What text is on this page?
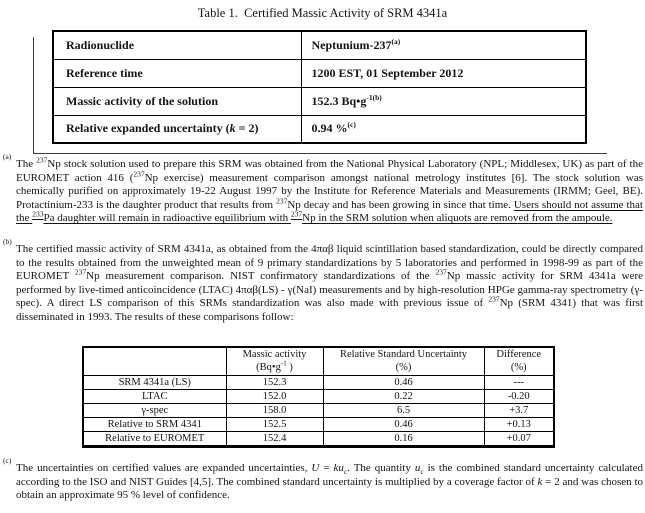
Table 1.  Certified Massic Activity of SRM 4341a
Radionuclide	Neptunium-237$^{(a)}$
Reference time	1200 EST, 01 September 2012
Massic activity of the solution	152.3 $Bq•g^{-1(b)}$
Relative expanded uncertainty (k = 2)	0.94 %$^{(c)}$
(a)
The $^{237}$Np stock solution used to prepare this SRM was obtained from the National Physical Laboratory (NPL; Middlesex, UK) as part of the EUROMET action 416 ($^{237}$Np exercise) measurement comparison amongst national metrology institutes [6]. The stock solution was chemically purified on approximately 19-22 August 1997 by the Institute for Reference Materials and Measurements (IRMM; Geel, BE). Protactinium-233 is the daughter product that results from $^{237}$Np decay and has been growing in since that time. Users should not assume that the $^{233}$Pa daughter will remain in radioactive equilibrium with $^{237}$Np in the SRM solution when aliquots are removed from the ampoule.
(b)
The certified massic activity of SRM 4341a, as obtained from the 4παβ liquid scintillation based standardization, could be directly compared to the results obtained from the unweighted mean of 9 primary standardizations by 5 laboratories and performed in 1998-99 as part of the EUROMET $^{237}$Np measurement comparison. NIST confirmatory standardizations of the $^{237}$Np massic activity for SRM 4341a were performed by live-timed anticoincidence (LTAC) 4παβ(LS) - γ(NaI) measurements and by high-resolution HPGe gamma-ray spectrometry (γ-spec). A direct LS comparison of this SRMs standardization was also made with previous issue of $^{237}$Np (SRM 4341) that was first disseminated in 1993. The results of these comparisons follow:

Massic activity
($Bq•g^{-1}$ )

Relative Standard Uncertainty
(%)

Difference
(%)

SRM 4341a (LS)	152.3	0.46	---
LTAC	152.0	0.22	-0.20
γ-spec	158.0	6.5	+3.7
Relative to SRM 4341	152.5	0.46	+0.13
Relative to EUROMET	152.4	0.16	+0.07
(c)
The uncertainties on certified values are expanded uncertainties, $U = ku_c$. The quantity $u_c$ is the combined standard uncertainty calculated according to the ISO and NIST Guides [4,5]. The combined standard uncertainty is multiplied by a coverage factor of k = 2 and was chosen to obtain an approximate 95 % level of confidence.
